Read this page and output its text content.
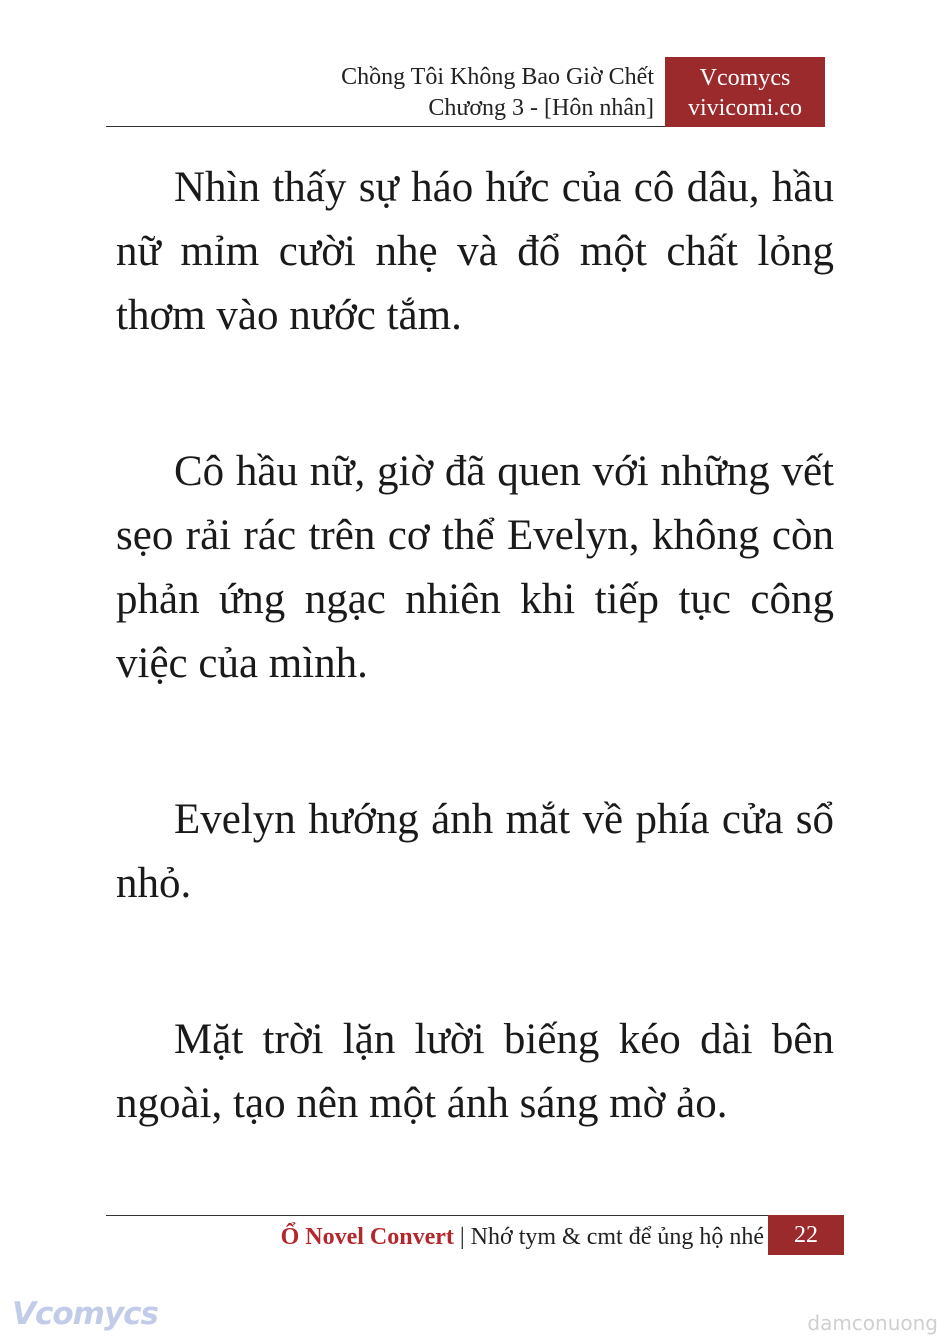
Chồng Tôi Không Bao Giờ Chết
Chương 3 - [Hôn nhân]
Vcomycs
vivicomi.co

Nhìn thấy sự háo hức của cô dâu, hầu nữ mỉm cười nhẹ và đổ một chất lỏng thơm vào nước tắm.

Cô hầu nữ, giờ đã quen với những vết sẹo rải rác trên cơ thể Evelyn, không còn phản ứng ngạc nhiên khi tiếp tục công việc của mình.

Evelyn hướng ánh mắt về phía cửa sổ nhỏ.

Mặt trời lặn lười biếng kéo dài bên ngoài, tạo nên một ánh sáng mờ ảo.

Ổ Novel Convert | Nhớ tym & cmt để ủng hộ nhé	22
Vcomycs	damconuong
